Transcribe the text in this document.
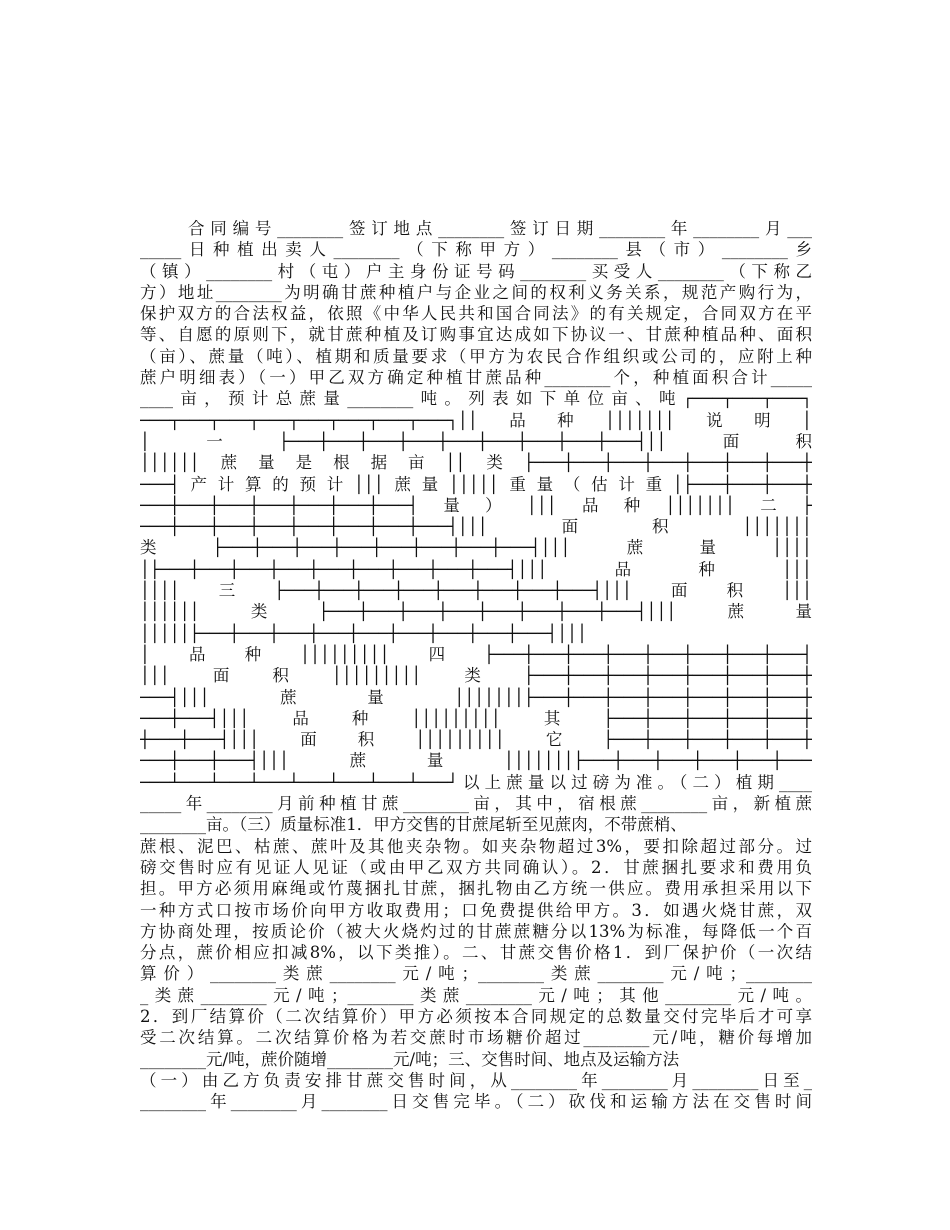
合同编号________签订地点________签订日期________年________月___
_____日种植出卖人________（下称甲方）________县（市）________乡
（镇）________村（屯）户主身份证号码________买受人________（下称乙
方）地址________为明确甘蔗种植户与企业之间的权利义务关系，规范产购行为，
保护双方的合法权益，依照《中华人民共和国合同法》的有关规定，合同双方在平
等、自愿的原则下，就甘蔗种植及订购事宜达成如下协议一、甘蔗种植品种、面积
（亩）、蔗量（吨）、植期和质量要求（甲方为农民合作组织或公司的，应附上种
蔗户明细表）（一）甲乙双方确定种植甘蔗品种________个，种植面积合计_____
____亩，预计总蔗量________吨。列表如下单位亩、吨┌───┬───┬───┐
───┬───┬───┬───┬───┬───┬───┬───┐││品种│││││││说明│
│一├───┼───┼───┼───┼───┼───┼───┼───┼───┤││面积
││││││蔗量是根据亩││类├───┼───┼───┼───┼───┼───┼───┼
───┤产计算的预计│││蔗量│││││重量（估计重│├───┼───┼───┼
───┼───┼───┼───┼───┼───┼───┤量）│││品种│││││││二├
───┼───┼───┼───┼───┼───┼───┼───┤│││面积│││││││
类├───┼───┼───┼───┼───┼───┼───┼───┤│││蔗量││││
│├───┼───┼───┼───┼───┼───┼───┼───┼───┤│││品种│││
││││三├───┼───┼───┼───┼───┼───┼───┼───┤│││面积│││
││││││类├───┼───┼───┼───┼───┼───┼───┼───┤│││蔗量
│││││├───┼───┼───┼───┼───┼───┼───┼───┼───┤│││
│品种│││││││││四├───┼───┼───┼───┼───┼───┼───┼───┤
│││面积│││││││││类├───┼───┼───┼───┼───┼───┼───┼
───┤│││蔗量│││││││├───┼───┼───┼───┼───┼───┼───┼
───┼───┤│││品种│││││││││其├───┼───┼───┼───┼───┼
┼───┼───┤│││面积│││││││││它├───┼───┼───┼───┼───┼
───┼───┼───┤│││蔗量│││││││├───┼───┼───┼───┼───┼───
───┴───┴───┴───┴───┴───┴───┴───┘以上蔗量以过磅为准。（二）植期____
_____年________月前种植甘蔗________亩，其中，宿根蔗________亩，新植蔗
________亩。（三）质量标准1．甲方交售的甘蔗尾斩至见蔗肉，不带蔗梢、
蔗根、泥巴、枯蔗、蔗叶及其他夹杂物。如夹杂物超过3%，要扣除超过部分。过
磅交售时应有见证人见证（或由甲乙双方共同确认）。2．甘蔗捆扎要求和费用负
担。甲方必须用麻绳或竹蔑捆扎甘蔗，捆扎物由乙方统一供应。费用承担采用以下
一种方式口按市场价向甲方收取费用；口免费提供给甲方。3．如遇火烧甘蔗，双
方协商处理，按质论价（被大火烧灼过的甘蔗蔗糖分以13%为标准，每降低一个百
分点，蔗价相应扣减8%，以下类推）。二、甘蔗交售价格1．到厂保护价（一次结
算价）________类蔗________元/吨；________类蔗________元/吨；________
_类蔗________元/吨；________类蔗________元/吨；其他________元/吨。
2．到厂结算价（二次结算价）甲方必须按本合同规定的总数量交付完毕后才可享
受二次结算。二次结算价格为若交蔗时市场糖价超过________元/吨，糖价每增加
________元/吨，蔗价随增________元/吨；三、交售时间、地点及运输方法
（一）由乙方负责安排甘蔗交售时间，从________年________月________日至_
________年________月________日交售完毕。（二）砍伐和运输方法在交售时间
